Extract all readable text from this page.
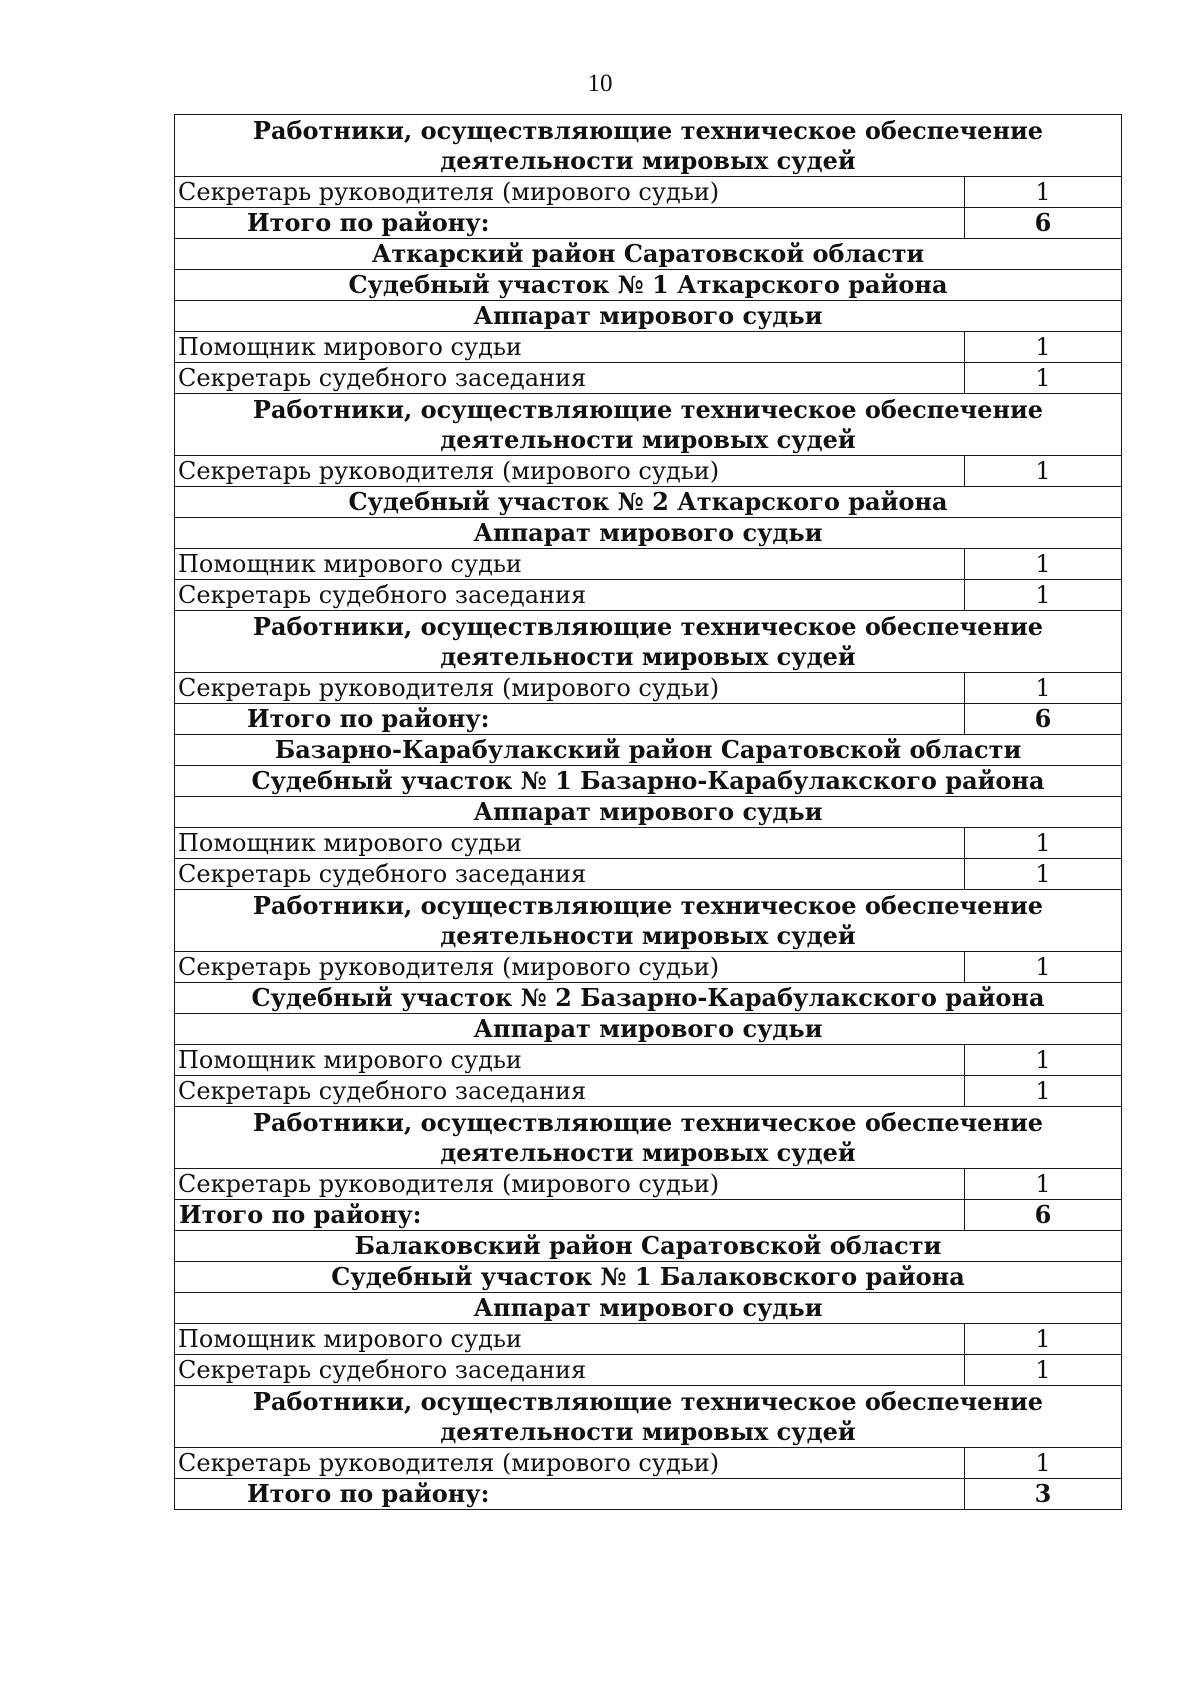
10
Работники, осуществляющие техническое обеспечение деятельности мировых судей	
Секретарь руководителя (мирового судьи)	1
Итого по району:	6
Аткарский район Саратовской области	
Судебный участок № 1 Аткарского района	
Аппарат мирового судьи	
Помощник мирового судьи	1
Секретарь судебного заседания	1
Работники, осуществляющие техническое обеспечение деятельности мировых судей	
Секретарь руководителя (мирового судьи)	1
Судебный участок № 2 Аткарского района	
Аппарат мирового судьи	
Помощник мирового судьи	1
Секретарь судебного заседания	1
Работники, осуществляющие техническое обеспечение деятельности мировых судей	
Секретарь руководителя (мирового судьи)	1
Итого по району:	6
Базарно-Карабулакский район Саратовской области	
Судебный участок № 1 Базарно-Карабулакского района	
Аппарат мирового судьи	
Помощник мирового судьи	1
Секретарь судебного заседания	1
Работники, осуществляющие техническое обеспечение деятельности мировых судей	
Секретарь руководителя (мирового судьи)	1
Судебный участок № 2 Базарно-Карабулакского района	
Аппарат мирового судьи	
Помощник мирового судьи	1
Секретарь судебного заседания	1
Работники, осуществляющие техническое обеспечение деятельности мировых судей	
Секретарь руководителя (мирового судьи)	1
Итого по району:	6
Балаковский район Саратовской области	
Судебный участок № 1 Балаковского района	
Аппарат мирового судьи	
Помощник мирового судьи	1
Секретарь судебного заседания	1
Работники, осуществляющие техническое обеспечение деятельности мировых судей	
Секретарь руководителя (мирового судьи)	1
Итого по району:	3
